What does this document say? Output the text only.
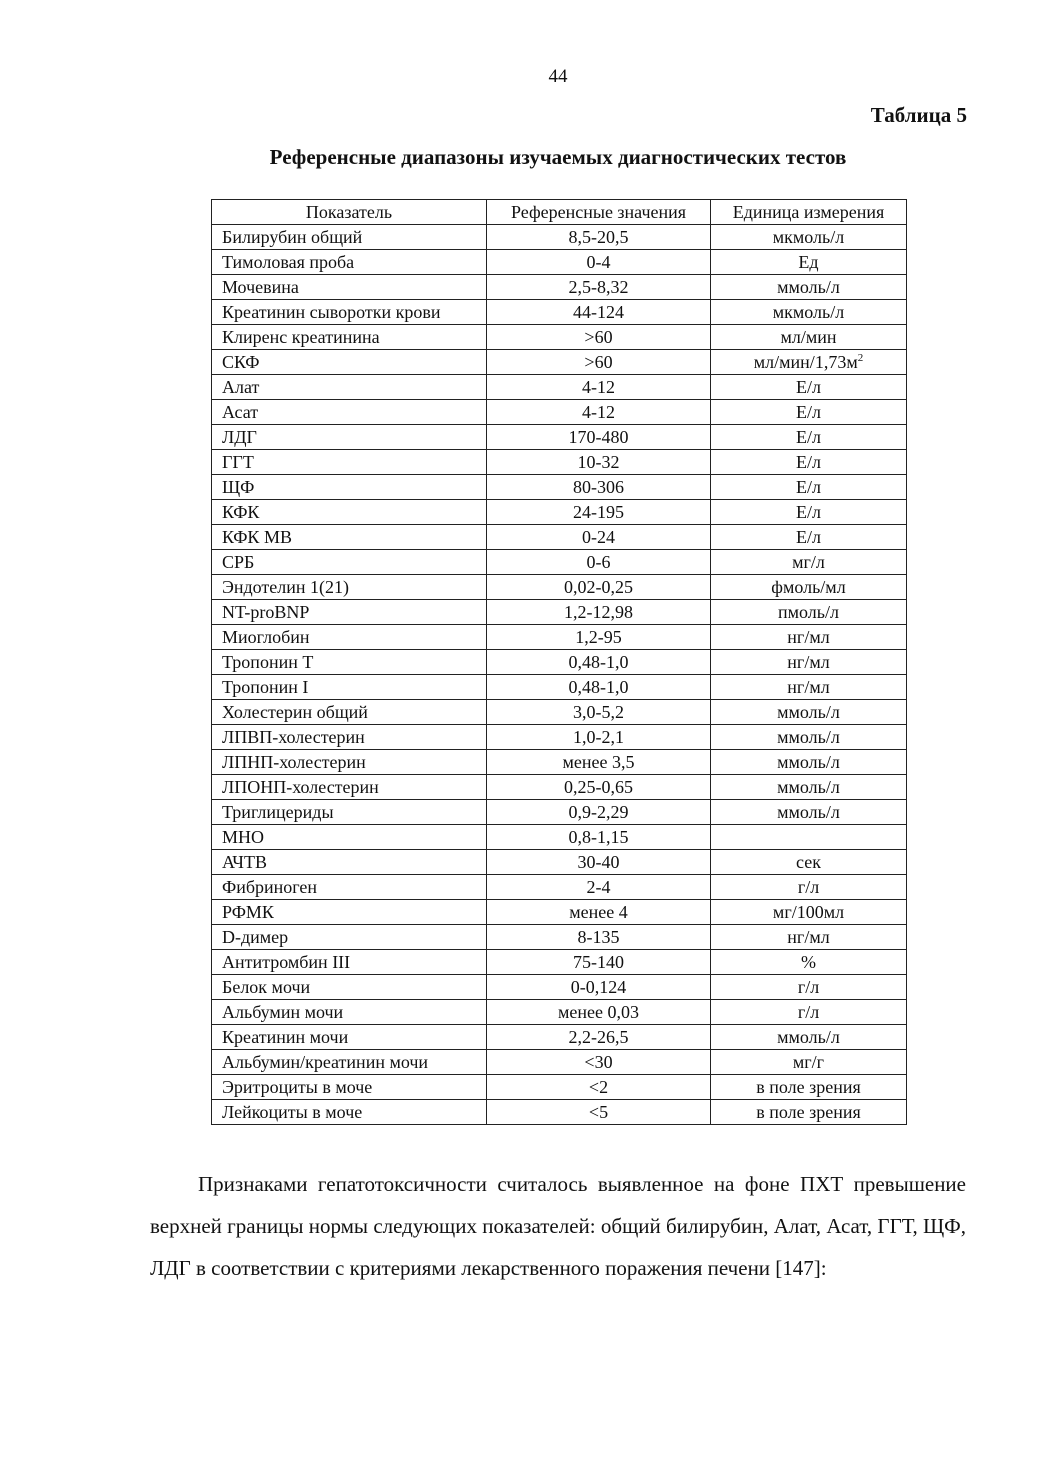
44
Таблица 5
Референсные диапазоны изучаемых диагностических тестов
Показатель	Референсные значения	Единица измерения
Билирубин общий	8,5-20,5	мкмоль/л
Тимоловая проба	0-4	Ед
Мочевина	2,5-8,32	ммоль/л
Креатинин сыворотки крови	44-124	мкмоль/л
Клиренс креатинина	>60	мл/мин
СКФ	>60	$мл/мин/1,73м^2$
Алат	4-12	Е/л
Асат	4-12	Е/л
ЛДГ	170-480	Е/л
ГГТ	10-32	Е/л
ЩФ	80-306	Е/л
КФК	24-195	Е/л
КФК МВ	0-24	Е/л
СРБ	0-6	мг/л
Эндотелин 1(21)	0,02-0,25	фмоль/мл
NT-proBNP	1,2-12,98	пмоль/л
Миоглобин	1,2-95	нг/мл
Тропонин Т	0,48-1,0	нг/мл
Тропонин I	0,48-1,0	нг/мл
Холестерин общий	3,0-5,2	ммоль/л
ЛПВП-холестерин	1,0-2,1	ммоль/л
ЛПНП-холестерин	менее 3,5	ммоль/л
ЛПОНП-холестерин	0,25-0,65	ммоль/л
Триглицериды	0,9-2,29	ммоль/л
МНО	0,8-1,15	
АЧТВ	30-40	сек
Фибриноген	2-4	г/л
РФМК	менее 4	мг/100мл
D-димер	8-135	нг/мл
Антитромбин III	75-140	%
Белок мочи	0-0,124	г/л
Альбумин мочи	менее 0,03	г/л
Креатинин мочи	2,2-26,5	ммоль/л
Альбумин/креатинин мочи	<30	мг/г
Эритроциты в моче	<2	в поле зрения
Лейкоциты в моче	<5	в поле зрения

Признаками гепатотоксичности считалось выявленное на фоне ПХТ превышение верхней границы нормы следующих показателей: общий билирубин, Алат, Асат, ГГТ, ЩФ, ЛДГ в соответствии с критериями лекарственного поражения печени [147]:
